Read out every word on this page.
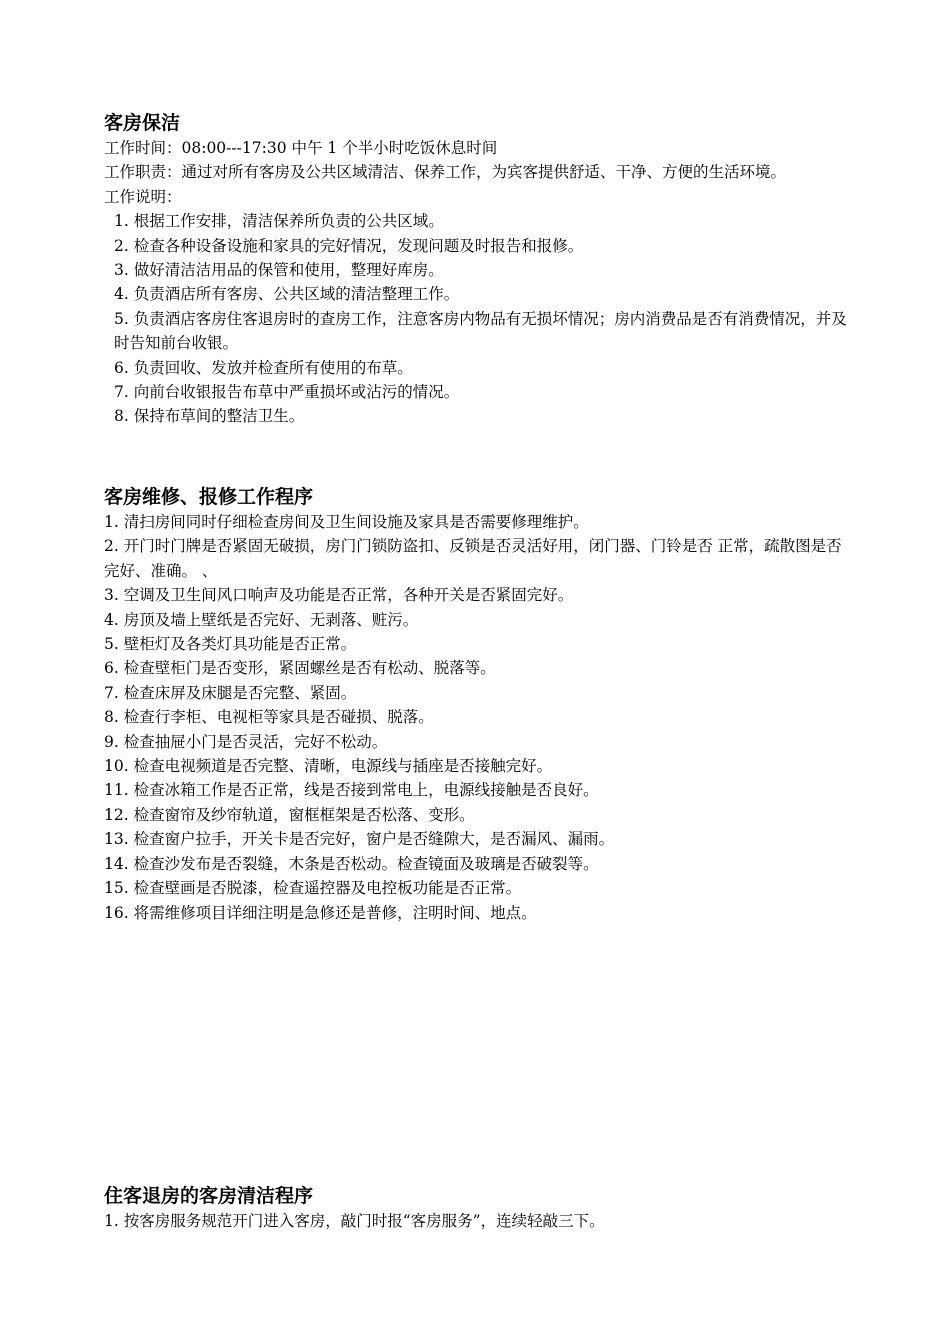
客房保洁

工作时间：08:00---17:30 中午 1 个半小时吃饭休息时间

工作职责：通过对所有客房及公共区域清洁、保养工作，为宾客提供舒适、干净、方便的生活环境。

工作说明：

1. 根据工作安排，清洁保养所负责的公共区域。
2. 检查各种设备设施和家具的完好情况，发现问题及时报告和报修。
3. 做好清洁洁用品的保管和使用，整理好库房。
4. 负责酒店所有客房、公共区域的清洁整理工作。
5. 负责酒店客房住客退房时的查房工作，注意客房内物品有无损坏情况；房内消费品是否有消费情况，并及时告知前台收银。
6. 负责回收、发放并检查所有使用的布草。
7. 向前台收银报告布草中严重损坏或沾污的情况。
8. 保持布草间的整洁卫生。
客房维修、报修工作程序
1. 清扫房间同时仔细检查房间及卫生间设施及家具是否需要修理维护。
2. 开门时门牌是否紧固无破损，房门门锁防盗扣、反锁是否灵活好用，闭门器、门铃是否 正常，疏散图是否完好、准确。 、
3. 空调及卫生间风口响声及功能是否正常，各种开关是否紧固完好。
4. 房顶及墙上壁纸是否完好、无剥落、赃污。
5. 壁柜灯及各类灯具功能是否正常。
6. 检查壁柜门是否变形，紧固螺丝是否有松动、脱落等。
7. 检查床屏及床腿是否完整、紧固。
8. 检查行李柜、电视柜等家具是否碰损、脱落。
9. 检查抽屉小门是否灵活，完好不松动。
10. 检查电视频道是否完整、清晰，电源线与插座是否接触完好。
11. 检查冰箱工作是否正常，线是否接到常电上，电源线接触是否良好。
12. 检查窗帘及纱帘轨道，窗框框架是否松落、变形。
13. 检查窗户拉手，开关卡是否完好，窗户是否缝隙大，是否漏风、漏雨。
14. 检查沙发布是否裂缝，木条是否松动。检查镜面及玻璃是否破裂等。
15. 检查壁画是否脱漆，检查遥控器及电控板功能是否正常。
16. 将需维修项目详细注明是急修还是普修，注明时间、地点。
住客退房的客房清洁程序
1. 按客房服务规范开门进入客房，敲门时报“客房服务”，连续轻敲三下。
